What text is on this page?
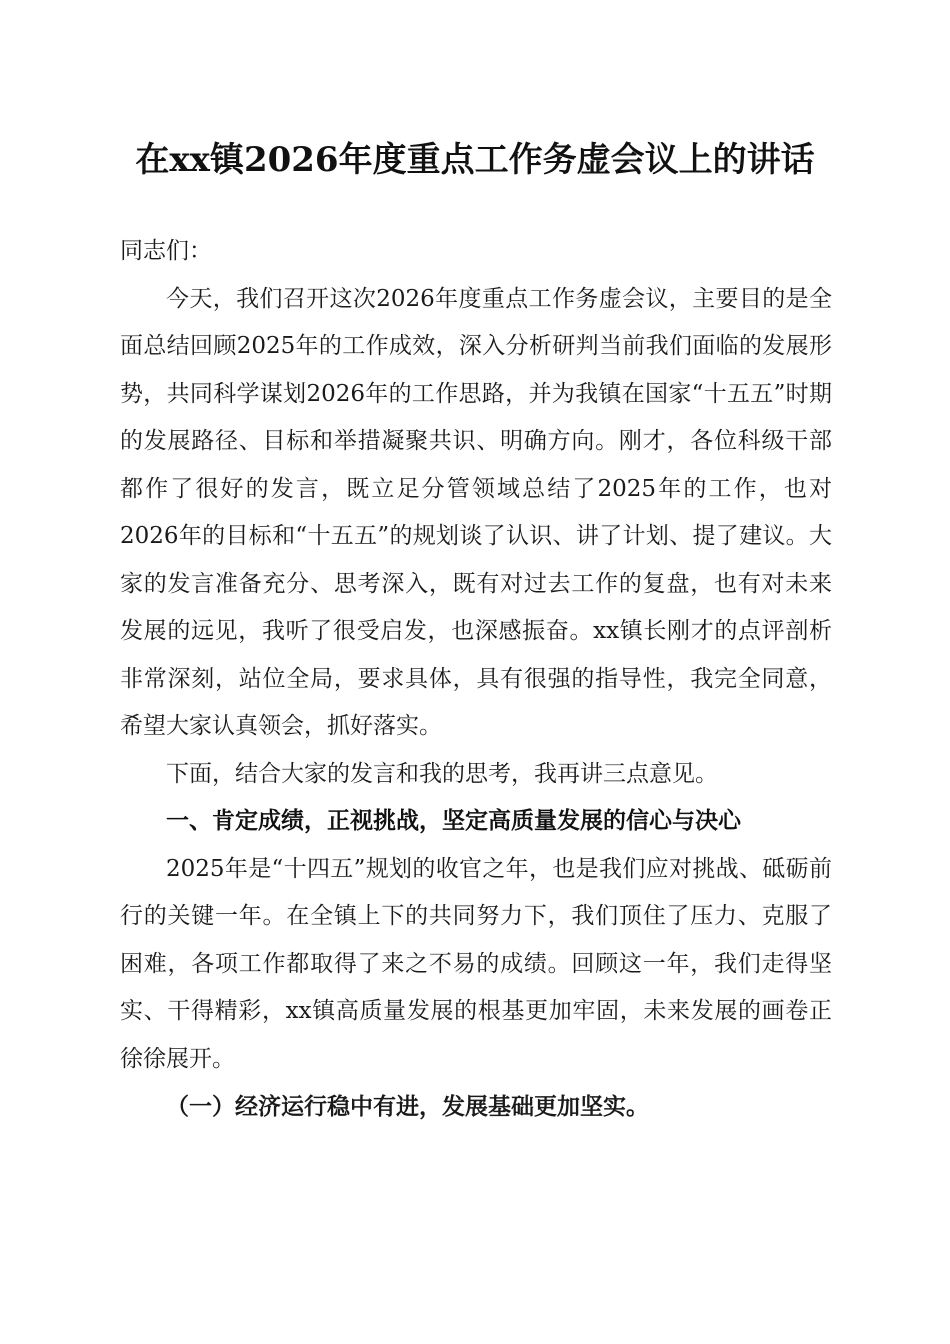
在xx镇2026年度重点工作务虚会议上的讲话

同志们：

今天，我们召开这次2026年度重点工作务虚会议，主要目的是全面总结回顾2025年的工作成效，深入分析研判当前我们面临的发展形势，共同科学谋划2026年的工作思路，并为我镇在国家“十五五”时期的发展路径、目标和举措凝聚共识、明确方向。刚才，各位科级干部都作了很好的发言，既立足分管领域总结了2025年的工作，也对2026年的目标和“十五五”的规划谈了认识、讲了计划、提了建议。大家的发言准备充分、思考深入，既有对过去工作的复盘，也有对未来发展的远见，我听了很受启发，也深感振奋。xx镇长刚才的点评剖析非常深刻，站位全局，要求具体，具有很强的指导性，我完全同意，希望大家认真领会，抓好落实。

下面，结合大家的发言和我的思考，我再讲三点意见。

一、肯定成绩，正视挑战，坚定高质量发展的信心与决心

2025年是“十四五”规划的收官之年，也是我们应对挑战、砥砺前行的关键一年。在全镇上下的共同努力下，我们顶住了压力、克服了困难，各项工作都取得了来之不易的成绩。回顾这一年，我们走得坚实、干得精彩，xx镇高质量发展的根基更加牢固，未来发展的画卷正徐徐展开。

（一）经济运行稳中有进，发展基础更加坚实。
